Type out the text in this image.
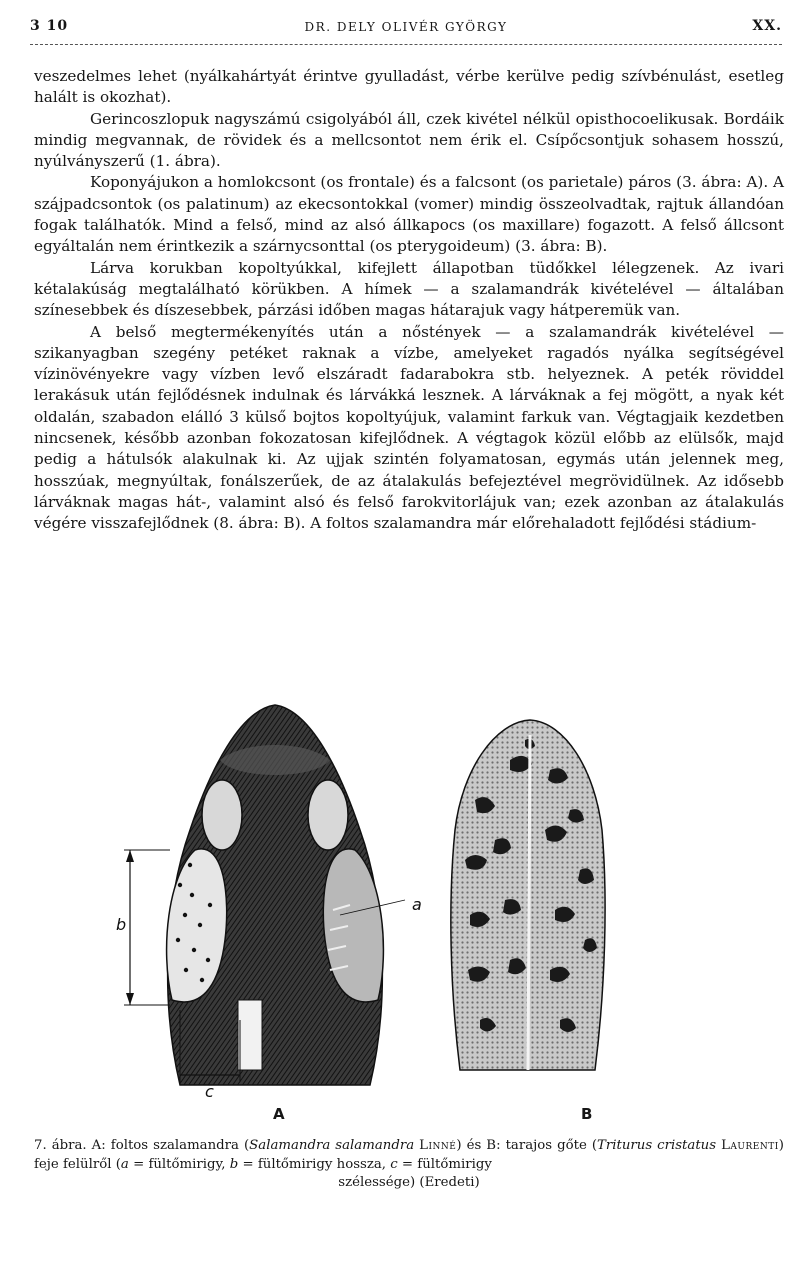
3 10	DR. DELY OLIVÉR GYÖRGY	XX.

veszedelmes lehet (nyálkahártyát érintve gyulladást, vérbe kerülve pedig szívbénulást, esetleg halált is okozhat).

Gerincoszlopuk nagyszámú csigolyából áll, czek kivétel nélkül opisthocoelikusak. Bordáik mindig megvannak, de rövidek és a mellcsontot nem érik el. Csípőcsontjuk sohasem hosszú, nyúlványszerű (1. ábra).

Koponyájukon a homlokcsont (os frontale) és a falcsont (os parietale) páros (3. ábra: A). A szájpadcsontok (os palatinum) az ekecsontokkal (vomer) mindig összeolvadtak, rajtuk állandóan fogak találhatók. Mind a felső, mind az alsó állkapocs (os maxillare) fogazott. A felső állcsont egyáltalán nem érintkezik a szárnycsonttal (os pterygoideum) (3. ábra: B).

Lárva korukban kopoltyúkkal, kifejlett állapotban tüdőkkel lélegzenek. Az ivari kétalakúság megtalálható körükben. A hímek — a szalamandrák kivételével — általában színesebbek és díszesebbek, párzási időben magas hátarajuk vagy hátperemük van.

A belső megtermékenyítés után a nőstények — a szalamandrák kivételével — szikanyagban szegény petéket raknak a vízbe, amelyeket ragadós nyálka segítségével vízinövényekre vagy vízben levő elszáradt fadarabokra stb. helyeznek. A peték röviddel lerakásuk után fejlődésnek indulnak és lárvákká lesznek. A lárváknak a fej mögött, a nyak két oldalán, szabadon elálló 3 külső bojtos kopoltyújuk, valamint farkuk van. Végtagjaik kezdetben nincsenek, később azonban fokozatosan kifejlődnek. A végtagok közül előbb az elülsők, majd pedig a hátulsók alakulnak ki. Az ujjak szintén folyamatosan, egymás után jelennek meg, hosszúak, megnyúltak, fonálszerűek, de az átalakulás befejeztével megrövidülnek. Az idősebb lárváknak magas hát-, valamint alsó és felső farokvitorlájuk van; ezek azonban az átalakulás végére visszafejlődnek (8. ábra: B). A foltos szalamandra már előrehaladott fejlődési stádium-

b
a
c
A	B
7. ábra. A: foltos szalamandra (Salamandra salamandra Linné) és B: tarajos gőte (Triturus cristatus Laurenti) feje felülről (a = fültőmirigy, b = fültőmirigy hossza, c = fültőmirigy
szélessége) (Eredeti)
